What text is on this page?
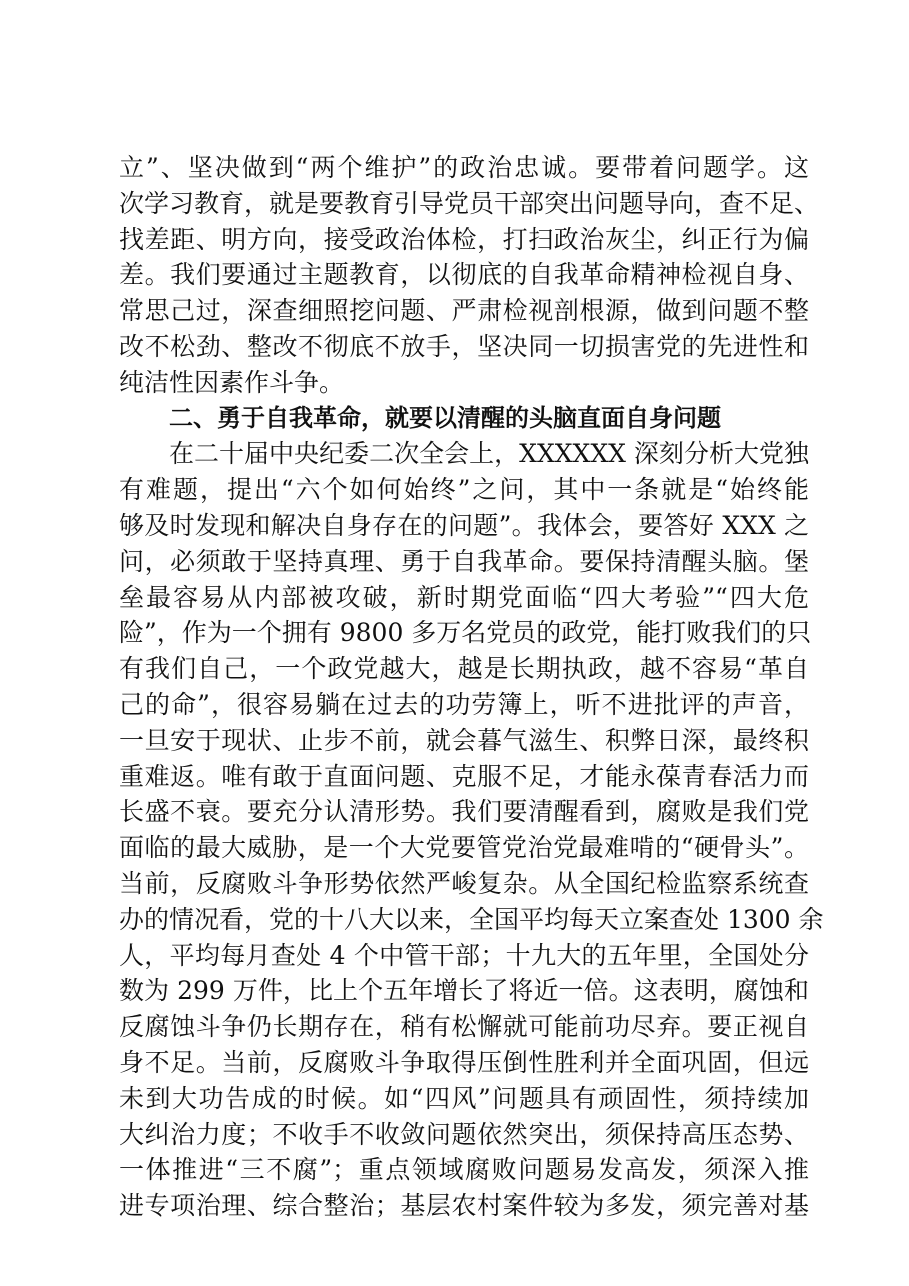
立”、坚决做到“两个维护”的政治忠诚。要带着问题学。这
次学习教育，就是要教育引导党员干部突出问题导向，查不足、
找差距、明方向，接受政治体检，打扫政治灰尘，纠正行为偏
差。我们要通过主题教育，以彻底的自我革命精神检视自身、
常思己过，深查细照挖问题、严肃检视剖根源，做到问题不整
改不松劲、整改不彻底不放手，坚决同一切损害党的先进性和
纯洁性因素作斗争。
二、勇于自我革命，就要以清醒的头脑直面自身问题
在二十届中央纪委二次全会上，XXXXXX 深刻分析大党独
有难题，提出“六个如何始终”之问，其中一条就是“始终能
够及时发现和解决自身存在的问题”。我体会，要答好 XXX 之
问，必须敢于坚持真理、勇于自我革命。要保持清醒头脑。堡
垒最容易从内部被攻破，新时期党面临“四大考验”“四大危
险”，作为一个拥有 9800 多万名党员的政党，能打败我们的只
有我们自己，一个政党越大，越是长期执政，越不容易“革自
己的命”，很容易躺在过去的功劳簿上，听不进批评的声音，
一旦安于现状、止步不前，就会暮气滋生、积弊日深，最终积
重难返。唯有敢于直面问题、克服不足，才能永葆青春活力而
长盛不衰。要充分认清形势。我们要清醒看到，腐败是我们党
面临的最大威胁，是一个大党要管党治党最难啃的“硬骨头”。
当前，反腐败斗争形势依然严峻复杂。从全国纪检监察系统查
办的情况看，党的十八大以来，全国平均每天立案查处 1300 余
人，平均每月查处 4 个中管干部；十九大的五年里，全国处分
数为 299 万件，比上个五年增长了将近一倍。这表明，腐蚀和
反腐蚀斗争仍长期存在，稍有松懈就可能前功尽弃。要正视自
身不足。当前，反腐败斗争取得压倒性胜利并全面巩固，但远
未到大功告成的时候。如“四风”问题具有顽固性，须持续加
大纠治力度；不收手不收敛问题依然突出，须保持高压态势、
一体推进“三不腐”；重点领域腐败问题易发高发，须深入推
进专项治理、综合整治；基层农村案件较为多发，须完善对基
